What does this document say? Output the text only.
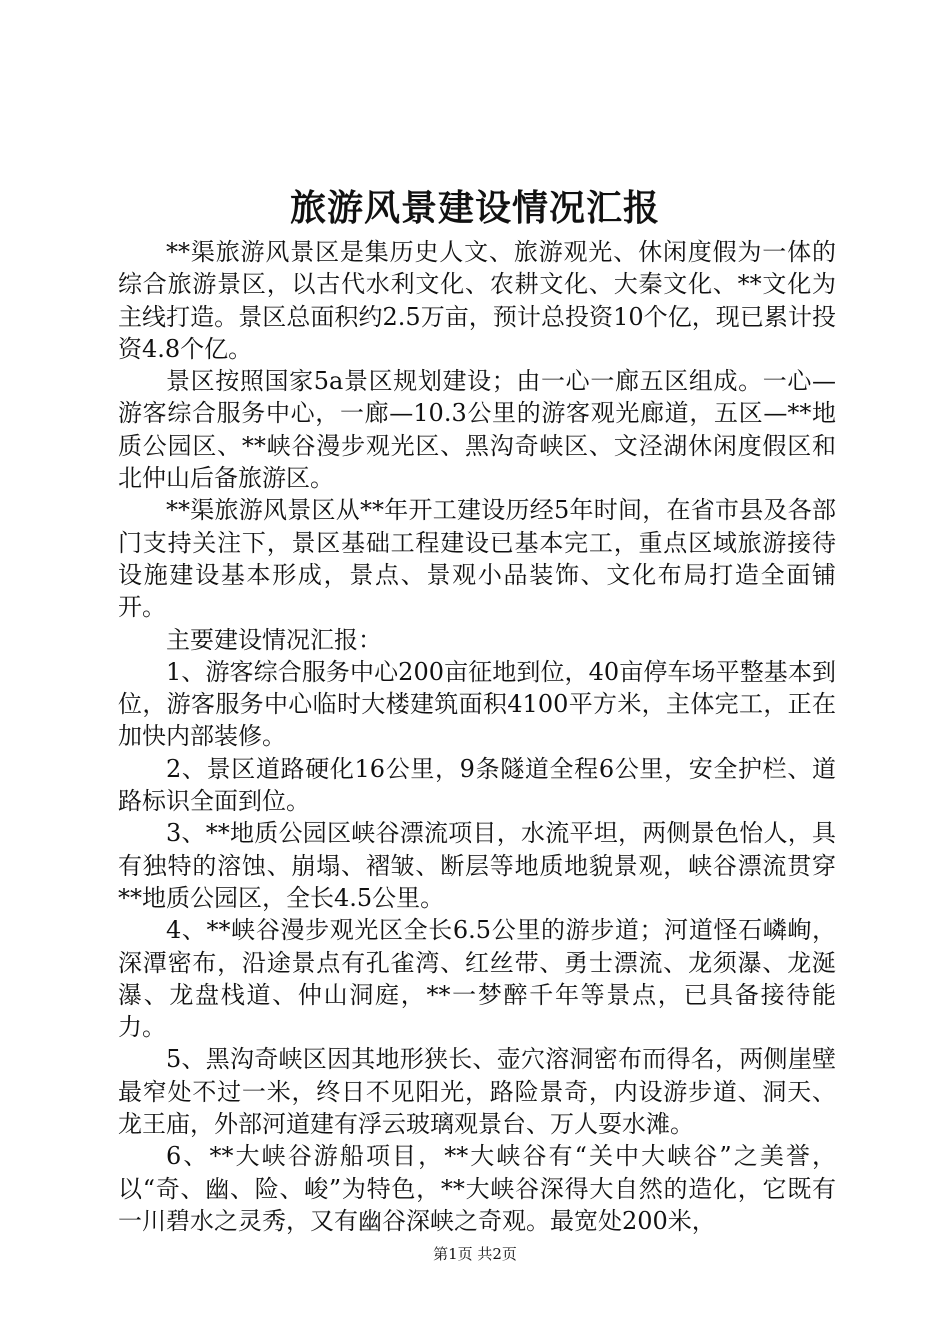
旅游风景建设情况汇报

**渠旅游风景区是集历史人文、旅游观光、休闲度假为一体的综合旅游景区，以古代水利文化、农耕文化、大秦文化、**文化为主线打造。景区总面积约2.5万亩，预计总投资10个亿，现已累计投资4.8个亿。

景区按照国家5a景区规划建设；由一心一廊五区组成。一心—游客综合服务中心，一廊—10.3公里的游客观光廊道，五区—**地质公园区、**峡谷漫步观光区、黑沟奇峡区、文泾湖休闲度假区和北仲山后备旅游区。

**渠旅游风景区从**年开工建设历经5年时间，在省市县及各部门支持关注下，景区基础工程建设已基本完工，重点区域旅游接待设施建设基本形成，景点、景观小品装饰、文化布局打造全面铺开。

主要建设情况汇报：

1、游客综合服务中心200亩征地到位，40亩停车场平整基本到位，游客服务中心临时大楼建筑面积4100平方米，主体完工，正在加快内部装修。

2、景区道路硬化16公里，9条隧道全程6公里，安全护栏、道路标识全面到位。

3、**地质公园区峡谷漂流项目，水流平坦，两侧景色怡人，具有独特的溶蚀、崩塌、褶皱、断层等地质地貌景观，峡谷漂流贯穿**地质公园区，全长4.5公里。

4、**峡谷漫步观光区全长6.5公里的游步道；河道怪石嶙峋，深潭密布，沿途景点有孔雀湾、红丝带、勇士漂流、龙须瀑、龙涎瀑、龙盘栈道、仲山洞庭，**一梦醉千年等景点，已具备接待能力。

5、黑沟奇峡区因其地形狭长、壶穴溶洞密布而得名，两侧崖壁最窄处不过一米，终日不见阳光，路险景奇，内设游步道、洞天、龙王庙，外部河道建有浮云玻璃观景台、万人耍水滩。

6、**大峡谷游船项目，**大峡谷有“关中大峡谷”之美誉，以“奇、幽、险、峻”为特色，**大峡谷深得大自然的造化，它既有一川碧水之灵秀，又有幽谷深峡之奇观。最宽处200米，

第1页 共2页
